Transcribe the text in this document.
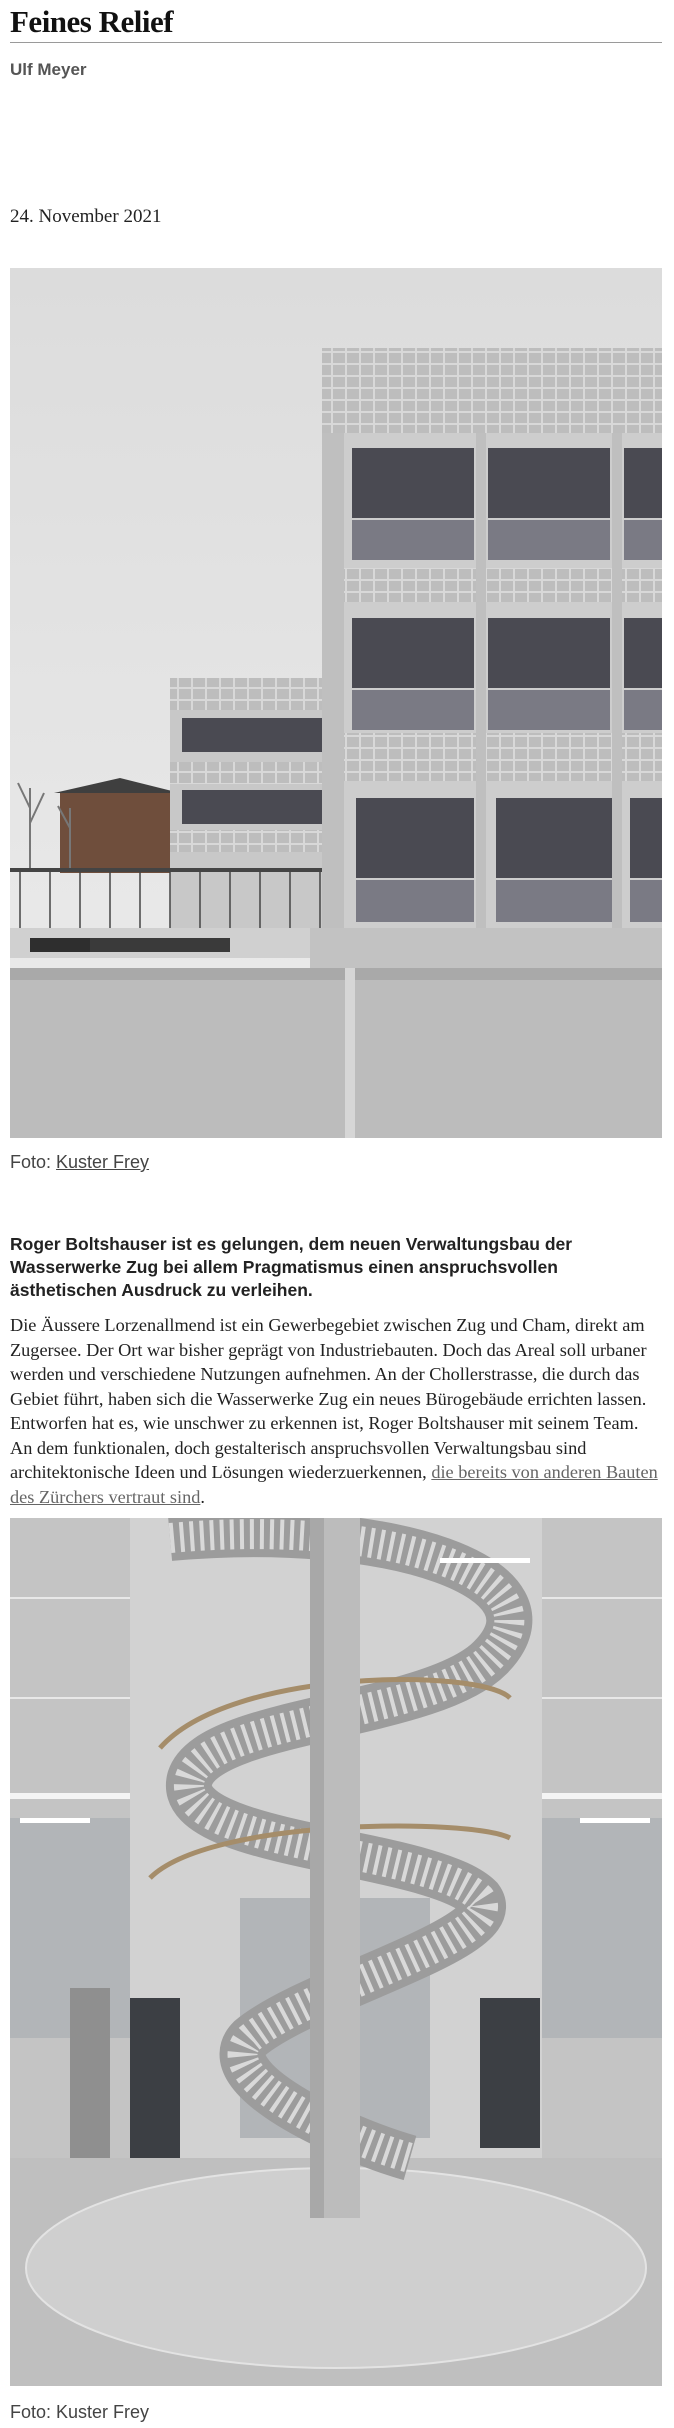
Feines Relief
Ulf Meyer
24. November 2021
Foto: Kuster Frey

Roger Boltshauser ist es gelungen, dem neuen Verwaltungsbau der Wasserwerke Zug bei allem Pragmatismus einen anspruchsvollen ästhetischen Ausdruck zu verleihen.

Die Äussere Lorzenallmend ist ein Gewerbegebiet zwischen Zug und Cham, direkt am Zugersee. Der Ort war bisher geprägt von Industriebauten. Doch das Areal soll urbaner werden und verschiedene Nutzungen aufnehmen. An der Chollerstrasse, die durch das Gebiet führt, haben sich die Wasserwerke Zug ein neues Bürogebäude errichten lassen. Entworfen hat es, wie unschwer zu erkennen ist, Roger Boltshauser mit seinem Team. An dem funktionalen, doch gestalterisch anspruchsvollen Verwaltungsbau sind architektonische Ideen und Lösungen wiederzuerkennen, die bereits von anderen Bauten des Zürchers vertraut sind.

Foto: Kuster Frey
